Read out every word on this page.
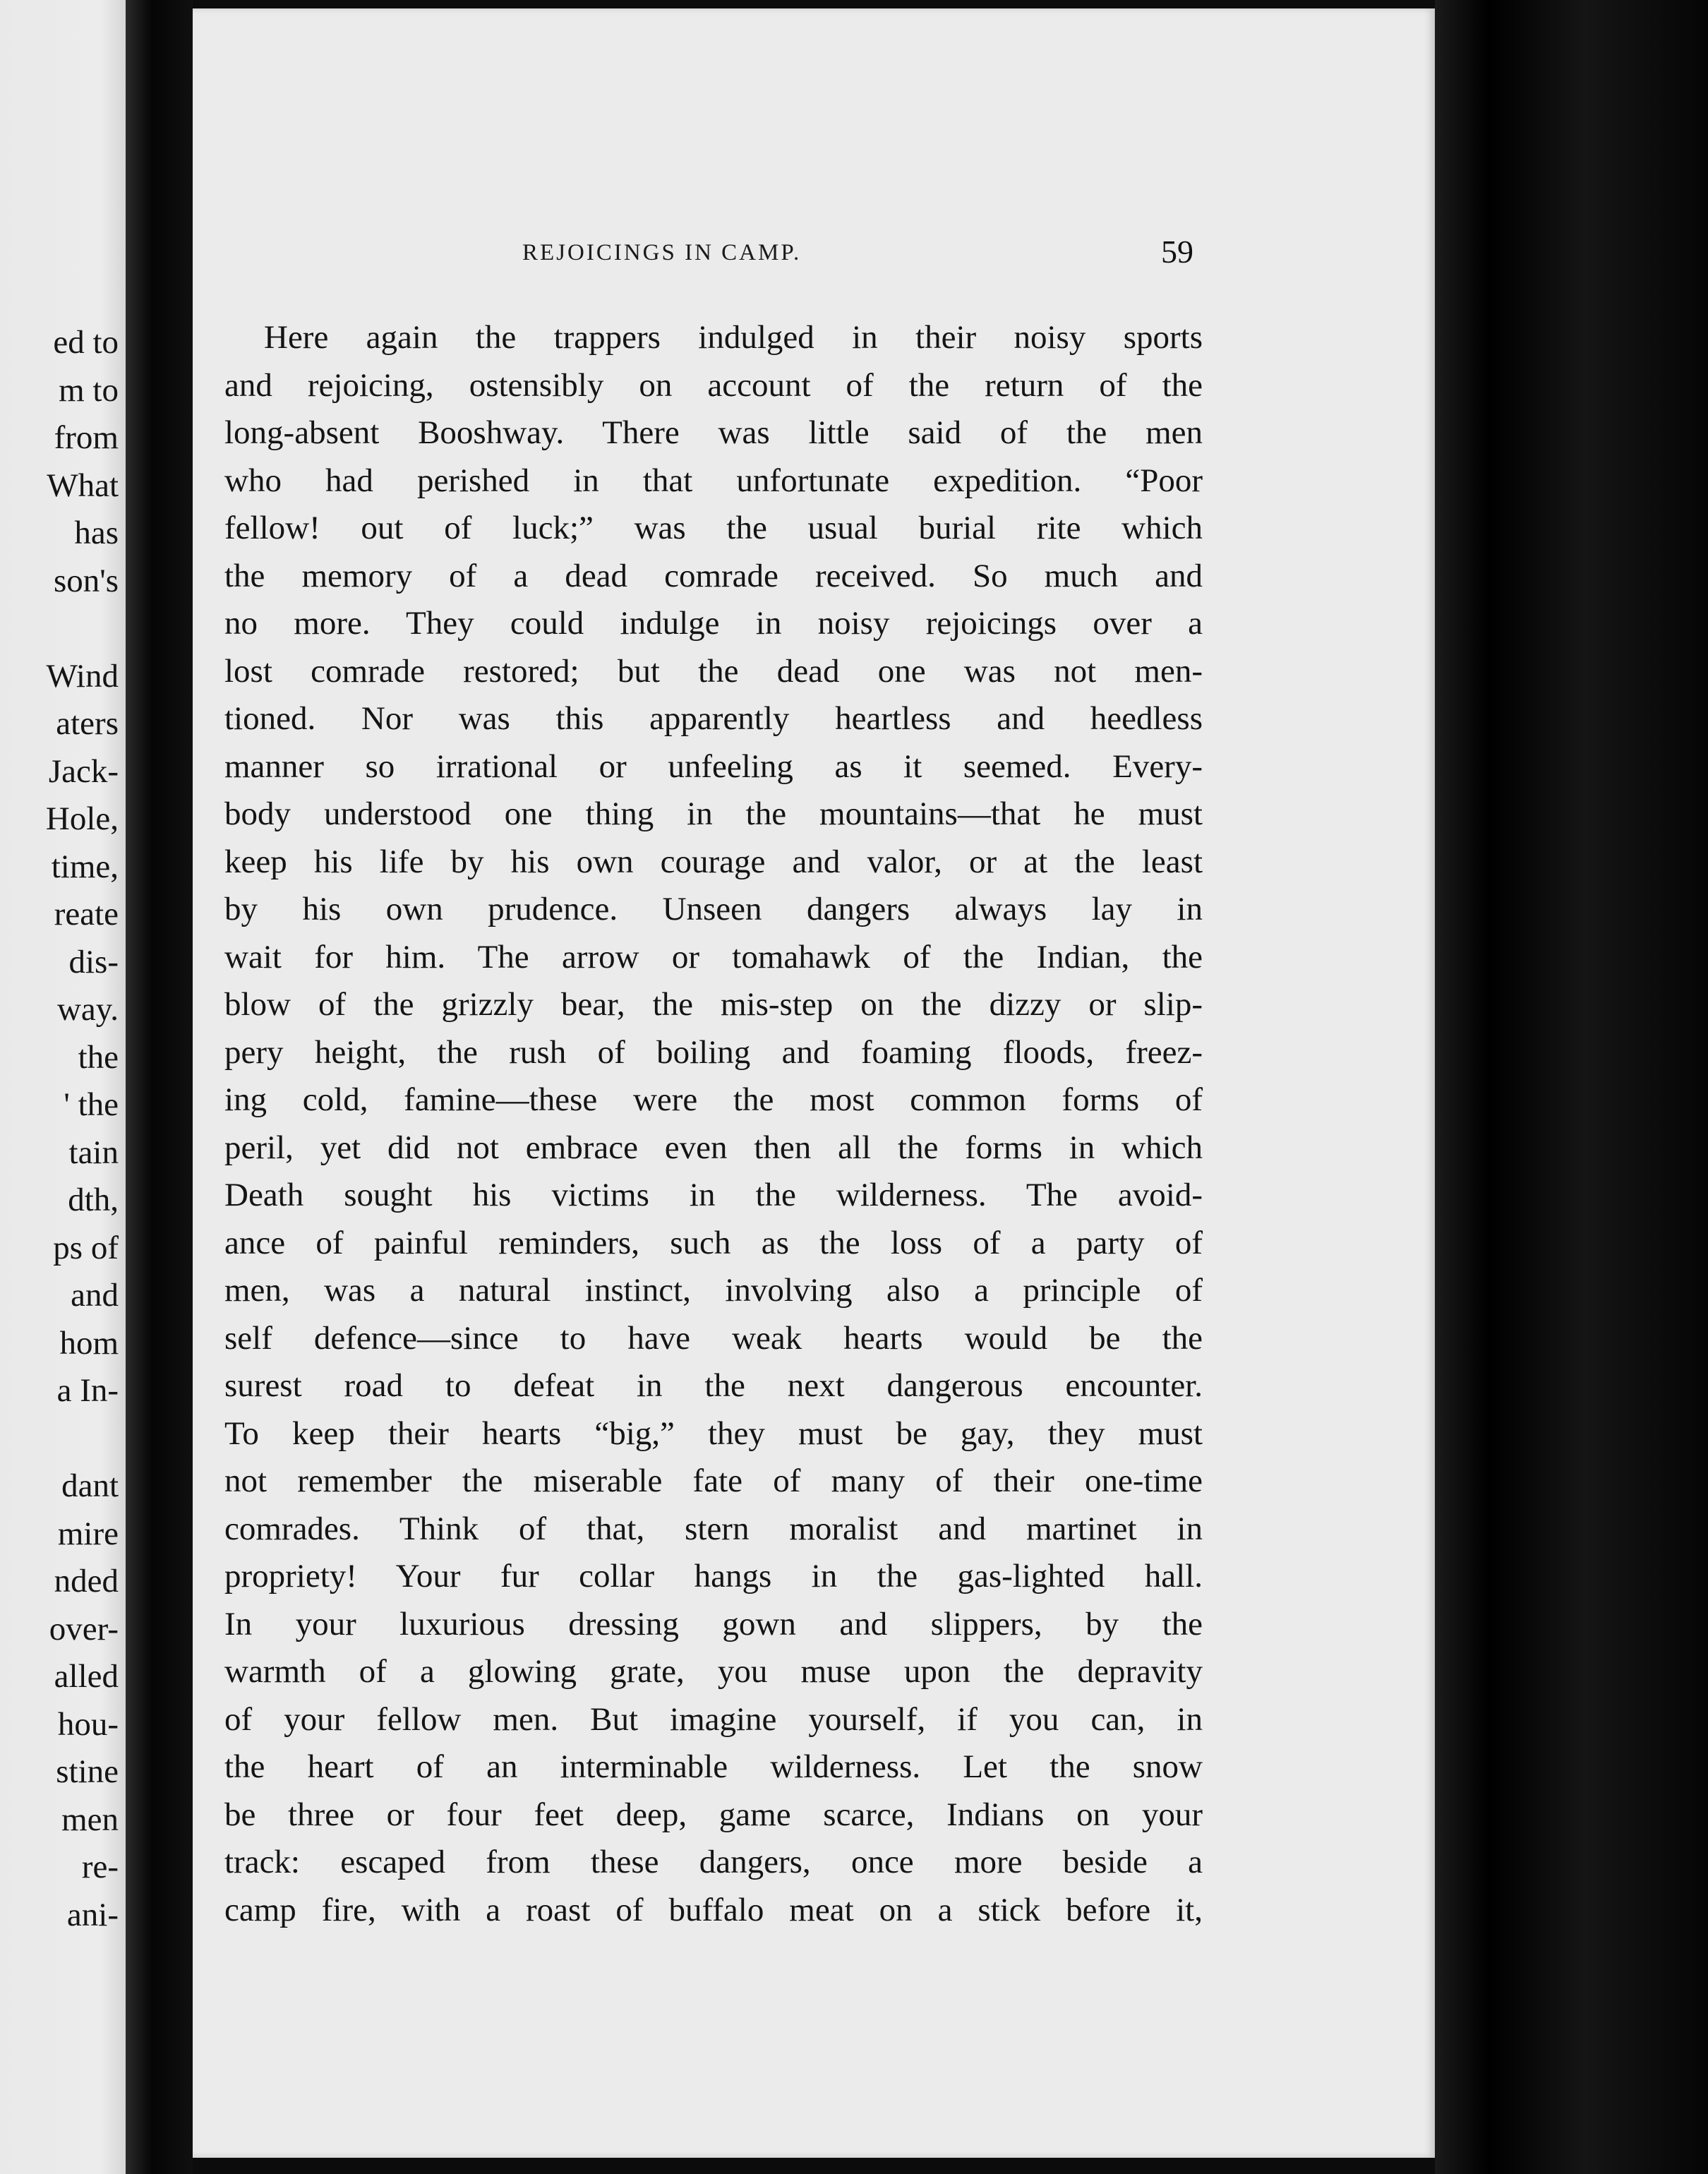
ed to
m to
from
What
has
son's
Wind
aters
Jack-
Hole,
time,
reate
dis-
way.
the
' the
tain
dth,
ps of
and
hom
a In-
dant
mire
nded
over-
alled
hou-
stine
men
re-
ani-
REJOICINGS IN CAMP.	59
Here again the trappers indulged in their noisy sports
and rejoicing, ostensibly on account of the return of the
long-absent Booshway. There was little said of the men
who had perished in that unfortunate expedition. “Poor
fellow! out of luck;” was the usual burial rite which
the memory of a dead comrade received. So much and
no more. They could indulge in noisy rejoicings over a
lost comrade restored; but the dead one was not men-
tioned. Nor was this apparently heartless and heedless
manner so irrational or unfeeling as it seemed. Every-
body understood one thing in the mountains—that he must
keep his life by his own courage and valor, or at the least
by his own prudence. Unseen dangers always lay in
wait for him. The arrow or tomahawk of the Indian, the
blow of the grizzly bear, the mis-step on the dizzy or slip-
pery height, the rush of boiling and foaming floods, freez-
ing cold, famine—these were the most common forms of
peril, yet did not embrace even then all the forms in which
Death sought his victims in the wilderness. The avoid-
ance of painful reminders, such as the loss of a party of
men, was a natural instinct, involving also a principle of
self defence—since to have weak hearts would be the
surest road to defeat in the next dangerous encounter.
To keep their hearts “big,” they must be gay, they must
not remember the miserable fate of many of their one-time
comrades. Think of that, stern moralist and martinet in
propriety! Your fur collar hangs in the gas-lighted hall.
In your luxurious dressing gown and slippers, by the
warmth of a glowing grate, you muse upon the depravity
of your fellow men. But imagine yourself, if you can, in
the heart of an interminable wilderness. Let the snow
be three or four feet deep, game scarce, Indians on your
track: escaped from these dangers, once more beside a
camp fire, with a roast of buffalo meat on a stick before it,
